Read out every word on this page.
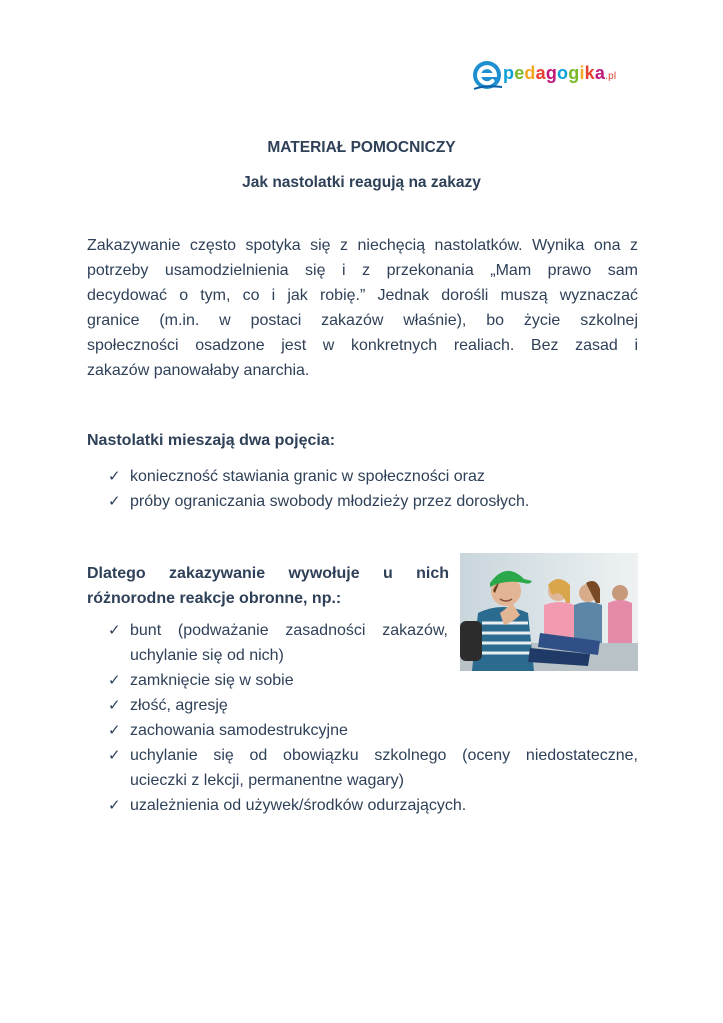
pedagogika.pl
MATERIAŁ POMOCNICZY
Jak nastolatki reagują na zakazy
Zakazywanie często spotyka się z niechęcią nastolatków. Wynika ona z
potrzeby usamodzielnienia się i z przekonania „Mam prawo sam
decydować o tym, co i jak robię.” Jednak dorośli muszą wyznaczać
granice (m.in. w postaci zakazów właśnie), bo życie szkolnej
społeczności osadzone jest w konkretnych realiach. Bez zasad i
zakazów panowałaby anarchia.
Nastolatki mieszają dwa pojęcia:
✓ konieczność stawiania granic w społeczności oraz
✓ próby ograniczania swobody młodzieży przez dorosłych.
Dlatego zakazywanie wywołuje u nich
różnorodne reakcje obronne, np.:
✓ bunt (podważanie zasadności zakazów,
uchylanie się od nich)
✓ zamknięcie się w sobie
✓ złość, agresję
✓ zachowania samodestrukcyjne
✓ uchylanie się od obowiązku szkolnego (oceny niedostateczne,
ucieczki z lekcji, permanentne wagary)
✓ uzależnienia od używek/środków odurzających.
